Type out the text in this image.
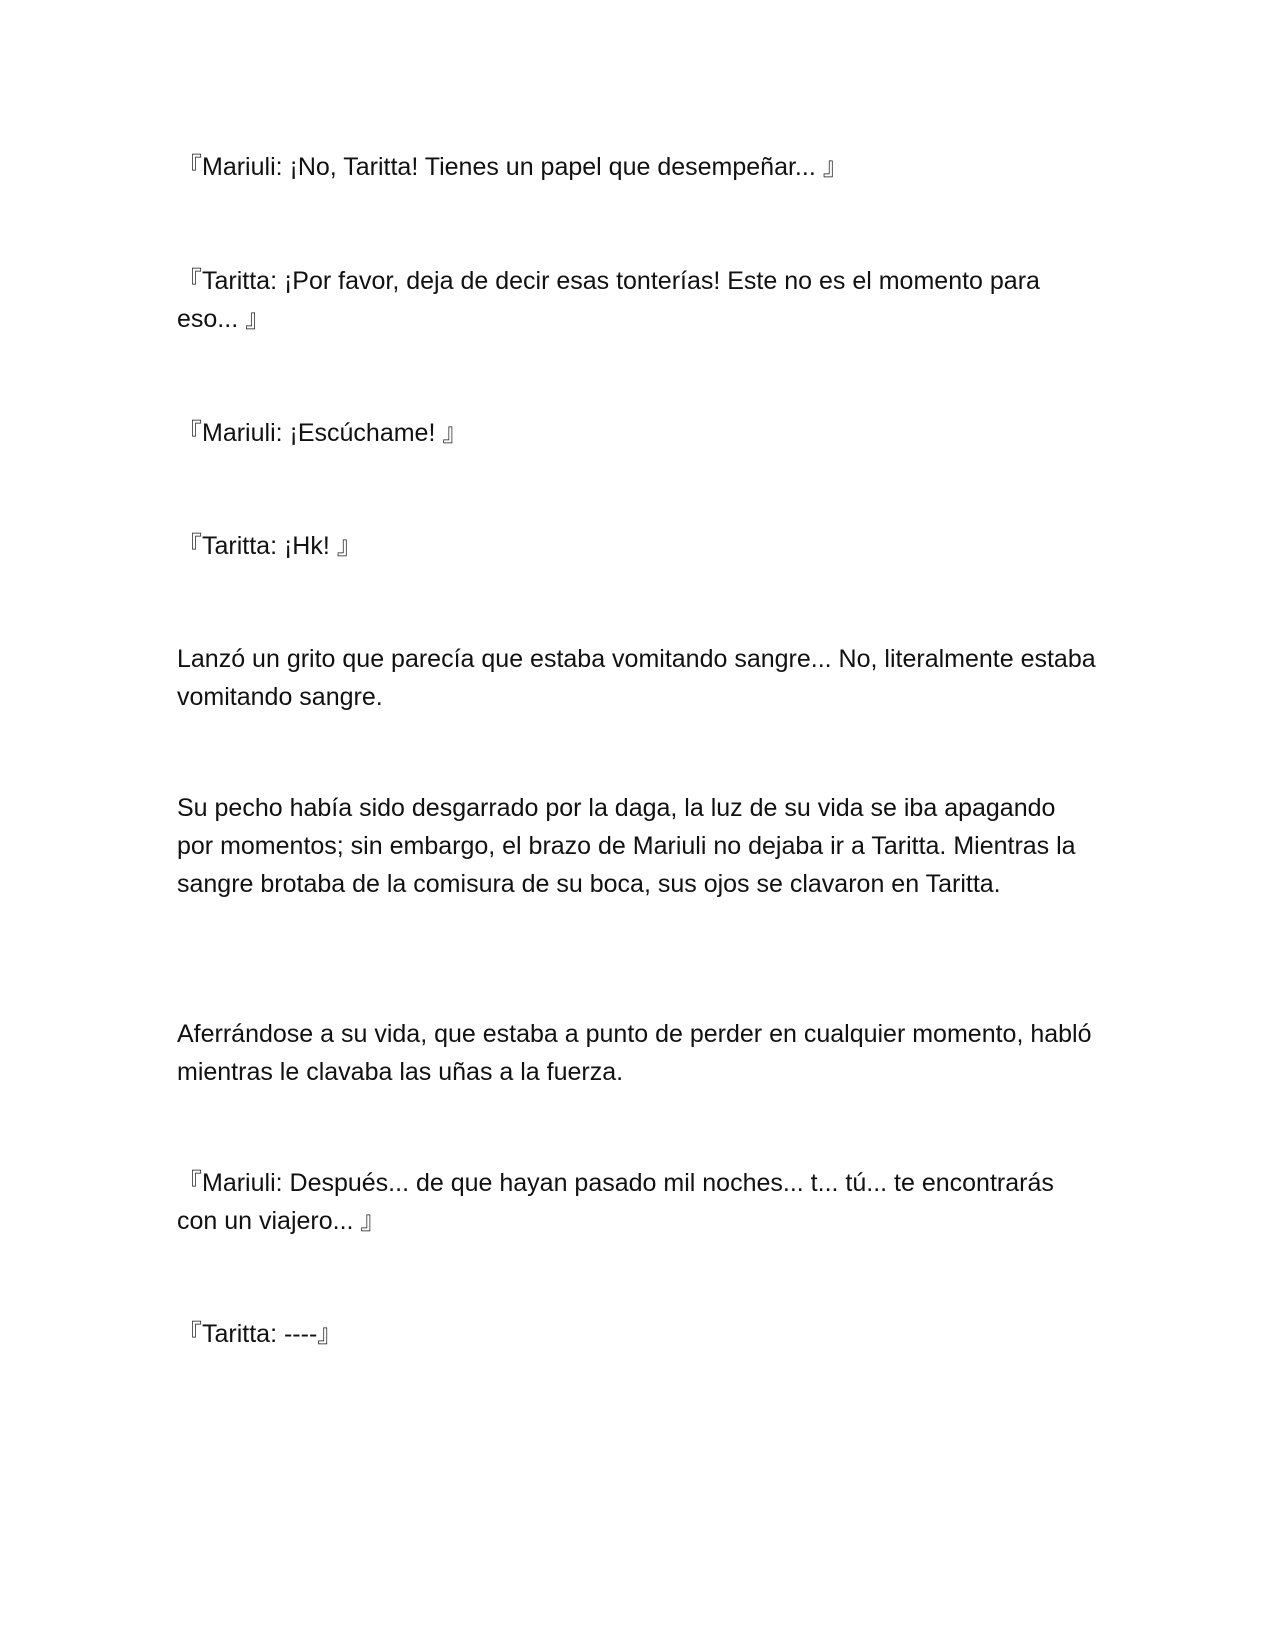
『Mariuli: ¡No, Taritta! Tienes un papel que desempeñar... 』

『Taritta: ¡Por favor, deja de decir esas tonterías! Este no es el momento para eso... 』

『Mariuli: ¡Escúchame! 』

『Taritta: ¡Hk! 』

Lanzó un grito que parecía que estaba vomitando sangre... No, literalmente estaba vomitando sangre.

Su pecho había sido desgarrado por la daga, la luz de su vida se iba apagando por momentos; sin embargo, el brazo de Mariuli no dejaba ir a Taritta. Mientras la sangre brotaba de la comisura de su boca, sus ojos se clavaron en Taritta.

Aferrándose a su vida, que estaba a punto de perder en cualquier momento, habló mientras le clavaba las uñas a la fuerza.

『Mariuli: Después... de que hayan pasado mil noches... t... tú... te encontrarás con un viajero... 』

『Taritta: ----』
